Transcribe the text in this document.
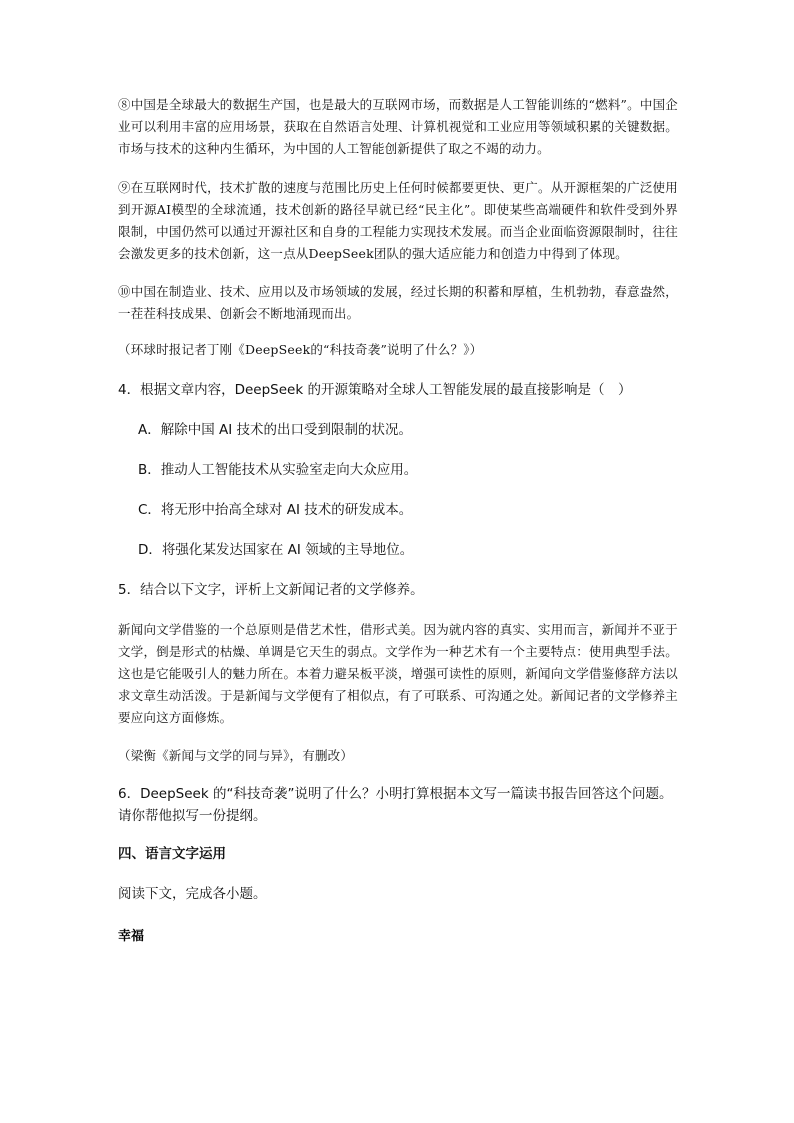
⑧中国是全球最大的数据生产国，也是最大的互联网市场，而数据是人工智能训练的“燃料”。中国企业可以利用丰富的应用场景，获取在自然语言处理、计算机视觉和工业应用等领域积累的关键数据。市场与技术的这种内生循环，为中国的人工智能创新提供了取之不竭的动力。

⑨在互联网时代，技术扩散的速度与范围比历史上任何时候都要更快、更广。从开源框架的广泛使用到开源AI模型的全球流通，技术创新的路径早就已经“民主化”。即使某些高端硬件和软件受到外界限制，中国仍然可以通过开源社区和自身的工程能力实现技术发展。而当企业面临资源限制时，往往会激发更多的技术创新，这一点从DeepSeek团队的强大适应能力和创造力中得到了体现。

⑩中国在制造业、技术、应用以及市场领域的发展，经过长期的积蓄和厚植，生机勃勃，春意盎然，一茬茬科技成果、创新会不断地涌现而出。

（环球时报记者丁刚《DeepSeek的“科技奇袭”说明了什么？》）

4．根据文章内容，DeepSeek 的开源策略对全球人工智能发展的最直接影响是（　）

A．解除中国 AI 技术的出口受到限制的状况。

B．推动人工智能技术从实验室走向大众应用。

C．将无形中抬高全球对 AI 技术的研发成本。

D．将强化某发达国家在 AI 领域的主导地位。

5．结合以下文字，评析上文新闻记者的文学修养。

新闻向文学借鉴的一个总原则是借艺术性，借形式美。因为就内容的真实、实用而言，新闻并不亚于文学，倒是形式的枯燥、单调是它天生的弱点。文学作为一种艺术有一个主要特点：使用典型手法。这也是它能吸引人的魅力所在。本着力避呆板平淡，增强可读性的原则，新闻向文学借鉴修辞方法以求文章生动活泼。于是新闻与文学便有了相似点，有了可联系、可沟通之处。新闻记者的文学修养主要应向这方面修炼。

（梁衡《新闻与文学的同与异》，有删改）

6．DeepSeek 的“科技奇袭”说明了什么？小明打算根据本文写一篇读书报告回答这个问题。请你帮他拟写一份提纲。

四、语言文字运用

阅读下文，完成各小题。

幸福
